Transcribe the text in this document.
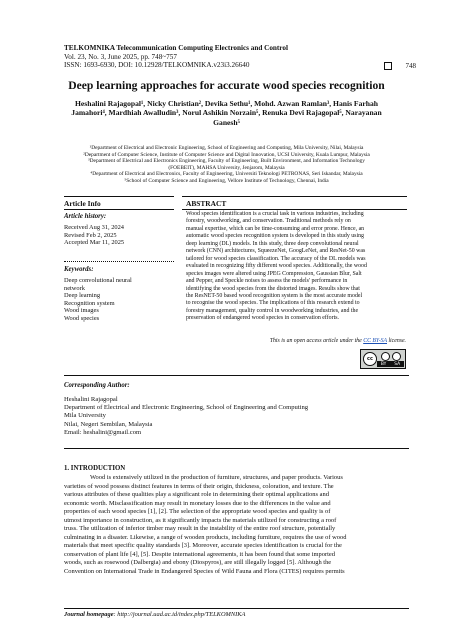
TELKOMNIKA Telecommunication Computing Electronics and Control
Vol. 23, No. 3, June 2025, pp. 748~757
ISSN: 1693-6930, DOI: 10.12928/TELKOMNIKA.v23i3.26640	748
Deep learning approaches for accurate wood species recognition
Heshalini Rajagopal¹, Nicky Christian², Devika Sethu¹, Mohd. Azwan Ramlan³, Hanis Farhah
Jamahori⁴, Mardhiah Awalludin³, Norul Ashikin Norzain⁵, Renuka Devi Rajagopal⁵, Narayanan
Ganesh⁵
¹Department of Electrical and Electronic Engineering, School of Engineering and Computing, Mila University, Nilai, Malaysia
²Department of Computer Science, Institute of Computer Science and Digital Innovation, UCSI University, Kuala Lumpur, Malaysia
³Department of Electrical and Electronics Engineering, Faculty of Engineering, Built Environment, and Information Technology
(FOEBEIT), MAHSA University, Jenjarom, Malaysia
⁴Department of Electrical and Electronics, Faculty of Engineering, Universiti Teknologi PETRONAS, Seri Iskandar, Malaysia
⁵School of Computer Science and Engineering, Vellore Institute of Technology, Chennai, India
Article Info	ABSTRACT
Article history:
Received Aug 31, 2024
Revised Feb 2, 2025
Accepted Mar 11, 2025
Keywords:
Deep convolutional neural
network
Deep learning
Recognition system
Wood images
Wood species
Wood species identification is a crucial task in various industries, including
forestry, woodworking, and conservation. Traditional methods rely on
manual expertise, which can be time-consuming and error prone. Hence, an
automatic wood species recognition system is developed in this study using
deep learning (DL) models. In this study, three deep convolutional neural
network (CNN) architectures, SqueezeNet, GoogLeNet, and ResNet-50 was
tailored for wood species classification. The accuracy of the DL models was
evaluated in recognizing fifty different wood species. Additionally, the wood
species images were altered using JPEG Compression, Gaussian Blur, Salt
and Pepper, and Speckle noises to assess the models' performance in
identifying the wood species from the distorted images. Results show that
the ResNET-50 based wood recognition system is the most accurate model
to recognise the wood species. The implications of this research extend to
forestry management, quality control in woodworking industries, and the
preservation of endangered wood species in conservation efforts.
This is an open access article under the CC BY-SA license.
cc
BY SA
Corresponding Author:
Heshalini Rajagopal
Department of Electrical and Electronic Engineering, School of Engineering and Computing
Mila University
Nilai, Negeri Sembilan, Malaysia
Email: heshalini@gmail.com
1. INTRODUCTION
Wood is extensively utilized in the production of furniture, structures, and paper products. Various
varieties of wood possess distinct features in terms of their origin, thickness, coloration, and texture. The
various attributes of these qualities play a significant role in determining their optimal applications and
economic worth. Misclassification may result in monetary losses due to the differences in the value and
properties of each wood species [1], [2]. The selection of the appropriate wood species and quality is of
utmost importance in construction, as it significantly impacts the materials utilized for constructing a roof
truss. The utilization of inferior timber may result in the instability of the entire roof structure, potentially
culminating in a disaster. Likewise, a range of wooden products, including furniture, requires the use of wood
materials that meet specific quality standards [3]. Moreover, accurate species identification is crucial for the
conservation of plant life [4], [5]. Despite international agreements, it has been found that some imported
woods, such as rosewood (Dalbergia) and ebony (Diospyros), are still illegally logged [5]. Although the
Convention on International Trade in Endangered Species of Wild Fauna and Flora (CITES) requires permits
Journal homepage: http://journal.uad.ac.id/index.php/TELKOMNIKA
